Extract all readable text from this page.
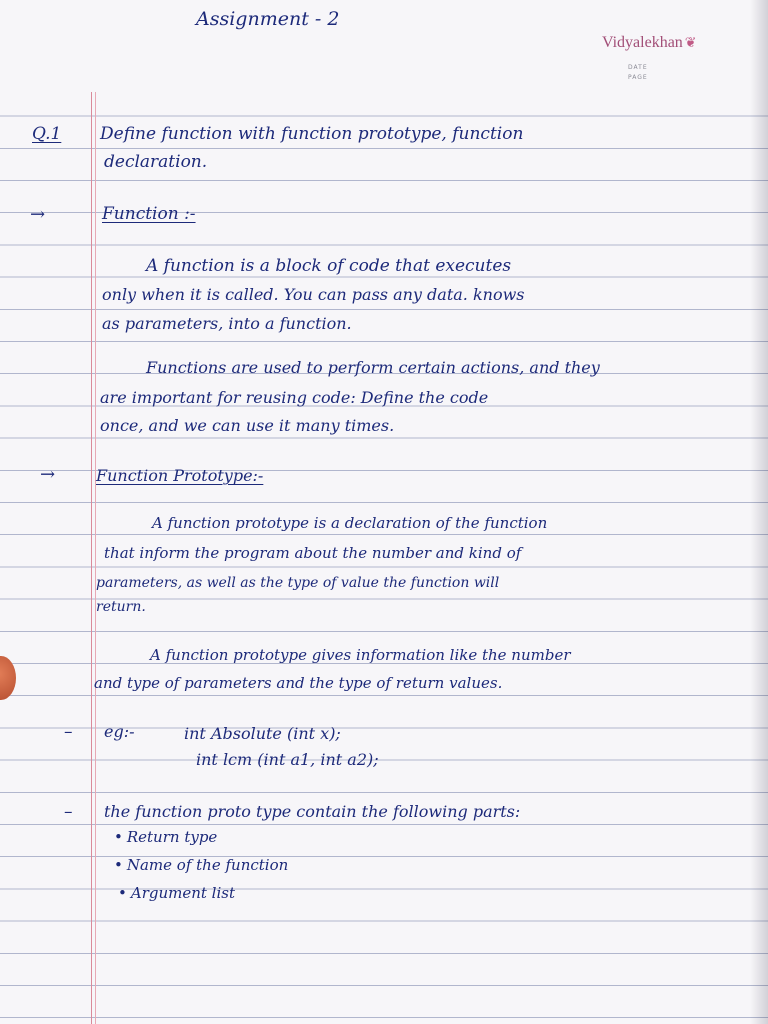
Assignment - 2
Vidyalekhan ❦
DATE
PAGE
Q.1 Define function with function prototype, function
declaration.
→	Function :-
A function is a block of code that executes
only when it is called. You can pass any data. knows
as parameters, into a function.
Functions are used to perform certain actions, and they
are important for reusing code: Define the code
once, and we can use it many times.
→	Function Prototype:-
A function prototype is a declaration of the function
that inform the program about the number and kind of
parameters, as well as the type of value the function will
return.
A function prototype gives information like the number
and type of parameters and the type of return values.
– eg:-	int Absolute (int x);
int lcm (int a1, int a2);
– the function proto type contain the following parts:
• Return type
• Name of the function
• Argument list
